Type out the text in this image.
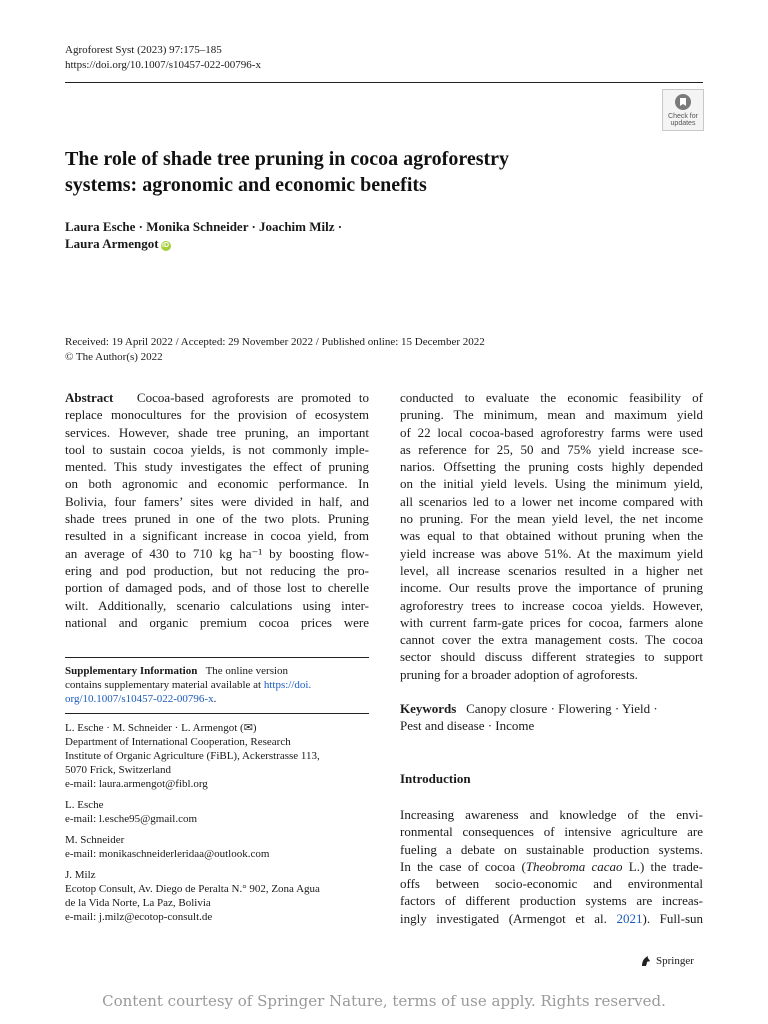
Agroforest Syst (2023) 97:175–185
https://doi.org/10.1007/s10457-022-00796-x
Check for
updates
The role of shade tree pruning in cocoa agroforestry
systems: agronomic and economic benefits
Laura Esche · Monika Schneider · Joachim Milz ·
Laura Armengot iD
Received: 19 April 2022 / Accepted: 29 November 2022 / Published online: 15 December 2022
© The Author(s) 2022
Abstract Cocoa-based agroforests are promoted to
replace monocultures for the provision of ecosystem
services. However, shade tree pruning, an important
tool to sustain cocoa yields, is not commonly imple-
mented. This study investigates the effect of pruning
on both agronomic and economic performance. In
Bolivia, four famers’ sites were divided in half, and
shade trees pruned in one of the two plots. Pruning
resulted in a significant increase in cocoa yield, from
an average of 430 to 710 kg ha⁻¹ by boosting flow-
ering and pod production, but not reducing the pro-
portion of damaged pods, and of those lost to cherelle
wilt. Additionally, scenario calculations using inter-
national and organic premium cocoa prices were
conducted to evaluate the economic feasibility of
pruning. The minimum, mean and maximum yield
of 22 local cocoa-based agroforestry farms were used
as reference for 25, 50 and 75% yield increase sce-
narios. Offsetting the pruning costs highly depended
on the initial yield levels. Using the minimum yield,
all scenarios led to a lower net income compared with
no pruning. For the mean yield level, the net income
was equal to that obtained without pruning when the
yield increase was above 51%. At the maximum yield
level, all increase scenarios resulted in a higher net
income. Our results prove the importance of pruning
agroforestry trees to increase cocoa yields. However,
with current farm-gate prices for cocoa, farmers alone
cannot cover the extra management costs. The cocoa
sector should discuss different strategies to support
pruning for a broader adoption of agroforests.
Supplementary Information The online version
contains supplementary material available at https://doi.
org/10.1007/s10457-022-00796-x.
L. Esche · M. Schneider · L. Armengot (✉)
Department of International Cooperation, Research
Institute of Organic Agriculture (FiBL), Ackerstrasse 113,
5070 Frick, Switzerland
e-mail: laura.armengot@fibl.org
L. Esche
e-mail: l.esche95@gmail.com
M. Schneider
e-mail: monikaschneiderleridaa@outlook.com
J. Milz
Ecotop Consult, Av. Diego de Peralta N.° 902, Zona Agua
de la Vida Norte, La Paz, Bolivia
e-mail: j.milz@ecotop-consult.de
Keywords Canopy closure · Flowering · Yield ·
Pest and disease · Income
Introduction
Increasing awareness and knowledge of the envi-
ronmental consequences of intensive agriculture are
fueling a debate on sustainable production systems.
In the case of cocoa (Theobroma cacao L.) the trade-
offs between socio-economic and environmental
factors of different production systems are increas-
ingly investigated (Armengot et al. 2021). Full-sun
Springer
Content courtesy of Springer Nature, terms of use apply. Rights reserved.
